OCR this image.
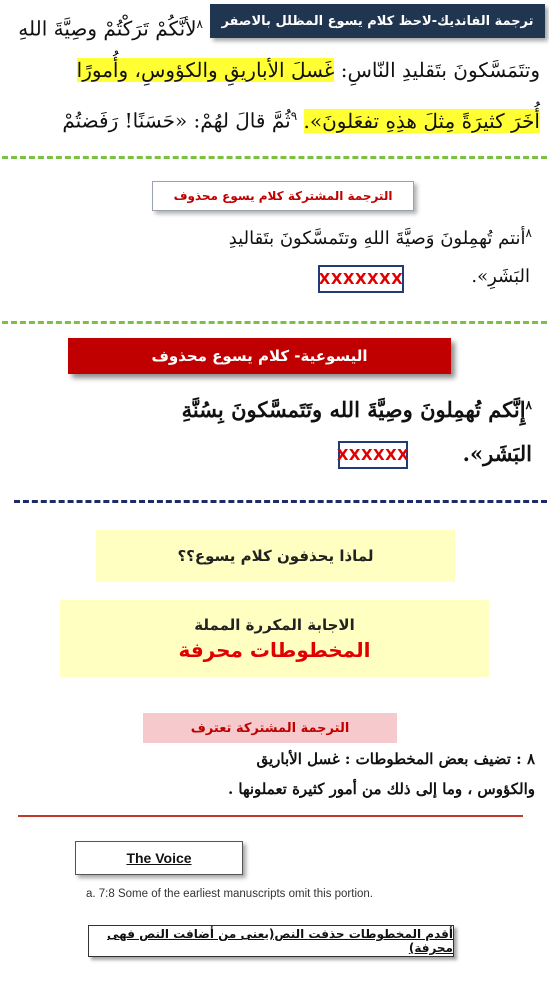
ترجمة الفانديك-لاحظ كلام يسوع المظلل بالاصفر
$^٨$لأنَّكُمْ تَرَكْتُمْ وصِيَّةَ اللهِ
وتتَمَسَّكونَ بتَقليدِ النّاسِ: غَسلَ الأباريقِ والكؤوسِ، وأُمورًا
أُخَرَ كثيرَةً مِثلَ هذِهِ تفعَلونَ». $^٩$ثُمَّ قالَ لهُمْ: «حَسَنًا! رَفَضتُمْ
الترجمة المشتركة كلام يسوع محذوف
$^٨$أنتم تُهمِلونَ وَصيَّةَ اللهِ وتتَمسَّكونَ بتَقاليدِ
البَشَرِ».
XXXXXXX
اليسوعية- كلام يسوع محذوف
$^٨$إِنَّكم تُهمِلونَ وصِيَّةَ الله وتَتَمسَّكونَ بِسُنَّةِ
البَشَر».
XXXXXX
لماذا يحذفون كلام يسوع؟؟
الاجابة المكررة المملة
المخطوطات محرفة
الترجمة المشتركة تعترف
٨ : تضيف بعض المخطوطات : غسل الأباريق
والكؤوس ، وما إلى ذلك من أمور كثيرة تعملونها .
The Voice
a. 7:8 Some of the earliest manuscripts omit this portion.
أقدم المخطوطات حذفت النص(يعنى من أضافت النص فهى محرفة)
